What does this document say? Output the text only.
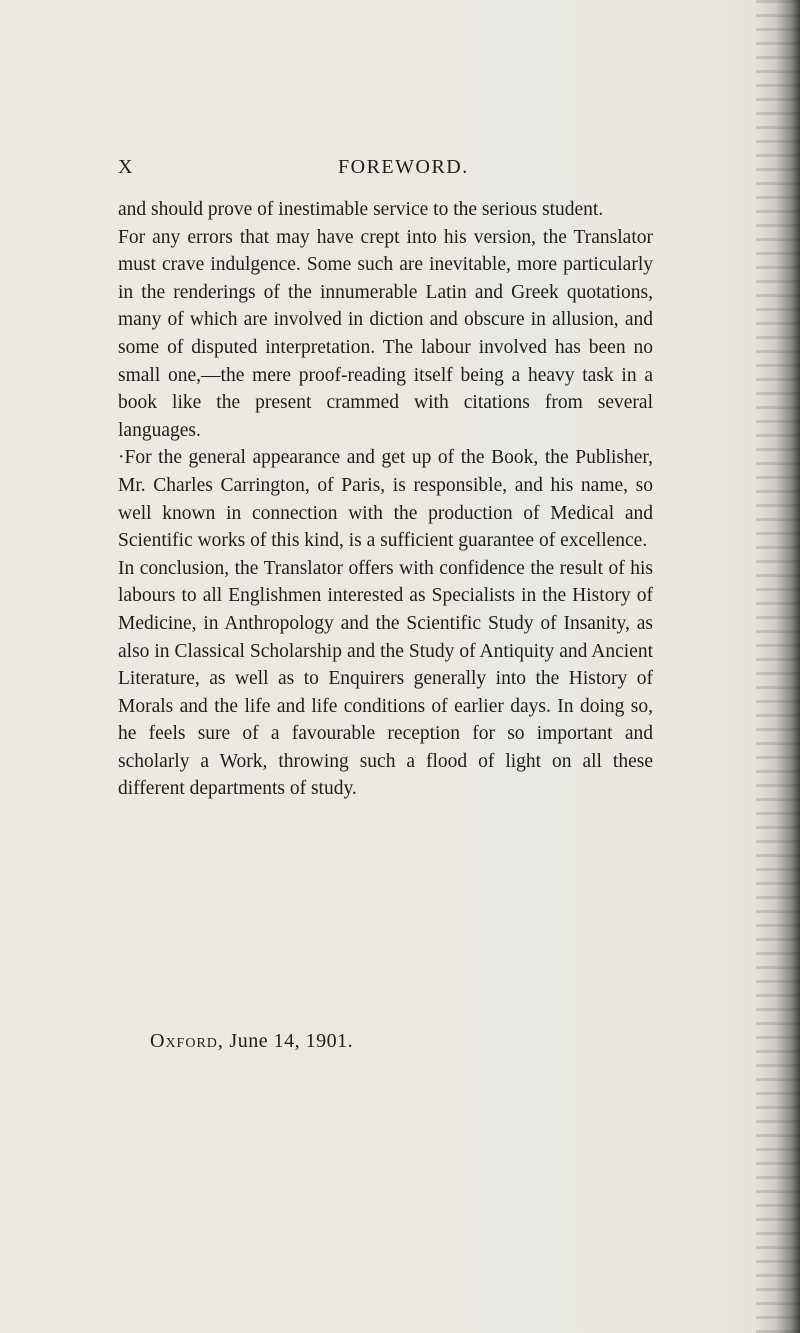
X	FOREWORD.

and should prove of inestimable service to the serious student.

For any errors that may have crept into his version, the Translator must crave indulgence. Some such are inevitable, more particularly in the renderings of the innumerable Latin and Greek quotations, many of which are involved in diction and obscure in allusion, and some of disputed interpretation. The labour involved has been no small one,—the mere proof-reading itself being a heavy task in a book like the present crammed with citations from several languages.

·For the general appearance and get up of the Book, the Publisher, Mr. Charles Carrington, of Paris, is responsible, and his name, so well known in connection with the production of Medical and Scientific works of this kind, is a sufficient guarantee of excellence.

In conclusion, the Translator offers with confidence the result of his labours to all Englishmen interested as Specialists in the History of Medicine, in Anthropology and the Scientific Study of Insanity, as also in Classical Scholarship and the Study of Antiquity and Ancient Literature, as well as to Enquirers generally into the History of Morals and the life and life conditions of earlier days. In doing so, he feels sure of a favourable reception for so important and scholarly a Work, throwing such a flood of light on all these different departments of study.

Oxford, June 14, 1901.
